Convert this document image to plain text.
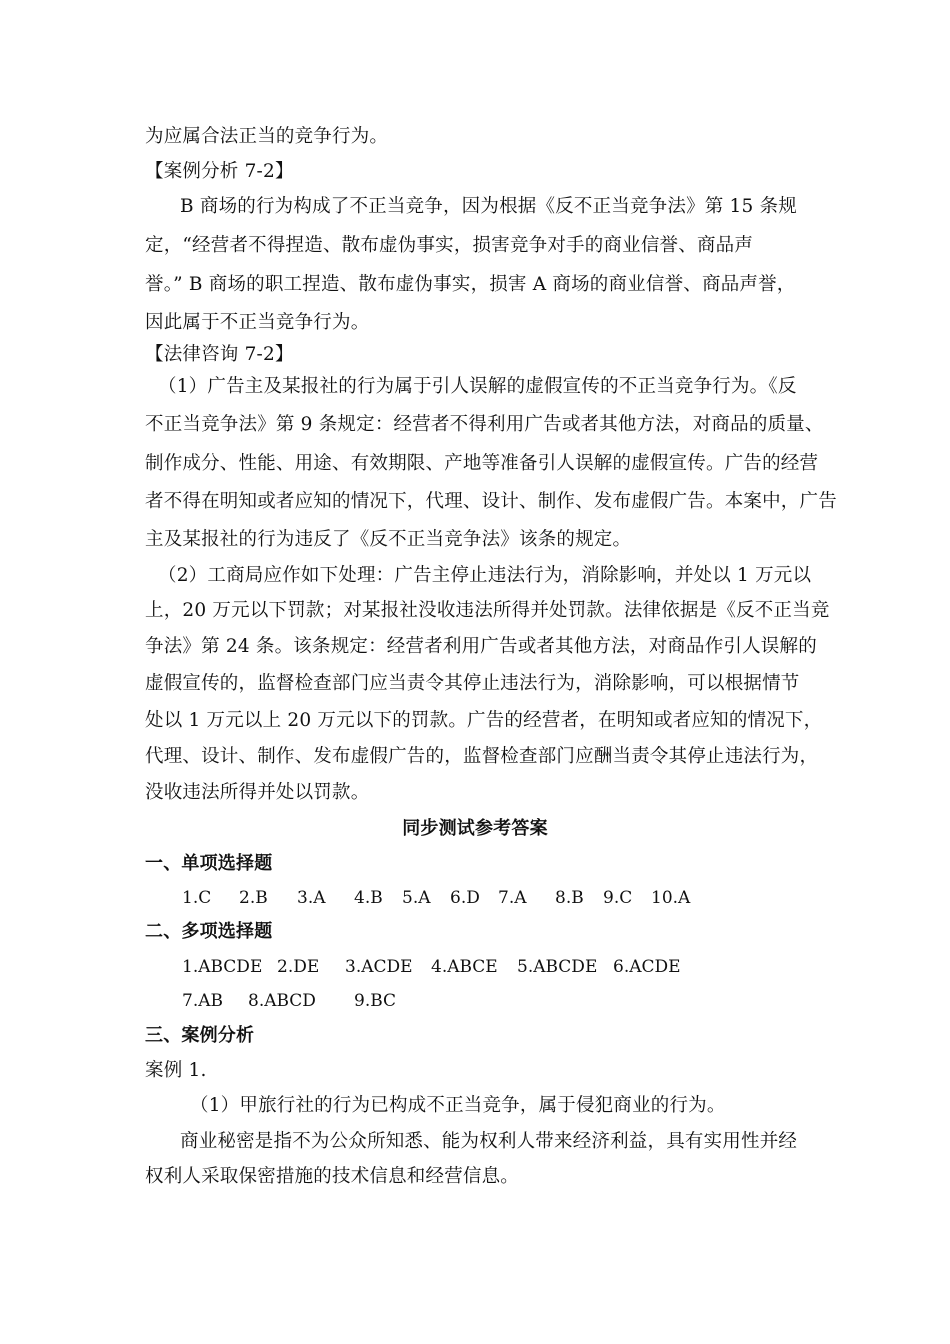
为应属合法正当的竞争行为。
【案例分析 7-2】
B 商场的行为构成了不正当竞争，因为根据《反不正当竞争法》第 15 条规
定，“经营者不得捏造、散布虚伪事实，损害竞争对手的商业信誉、商品声
誉。” B 商场的职工捏造、散布虚伪事实，损害 A 商场的商业信誉、商品声誉，
因此属于不正当竞争行为。
【法律咨询 7-2】
（1）广告主及某报社的行为属于引人误解的虚假宣传的不正当竞争行为。《反
不正当竞争法》第 9 条规定：经营者不得利用广告或者其他方法，对商品的质量、
制作成分、性能、用途、有效期限、产地等准备引人误解的虚假宣传。广告的经营
者不得在明知或者应知的情况下，代理、设计、制作、发布虚假广告。本案中，广告
主及某报社的行为违反了《反不正当竞争法》该条的规定。
（2）工商局应作如下处理：广告主停止违法行为，消除影响，并处以 1 万元以
上，20 万元以下罚款；对某报社没收违法所得并处罚款。法律依据是《反不正当竞
争法》第 24 条。该条规定：经营者利用广告或者其他方法，对商品作引人误解的
虚假宣传的，监督检查部门应当责令其停止违法行为，消除影响，可以根据情节
处以 1 万元以上 20 万元以下的罚款。广告的经营者，在明知或者应知的情况下，
代理、设计、制作、发布虚假广告的，监督检查部门应酬当责令其停止违法行为，
没收违法所得并处以罚款。
同步测试参考答案
一、单项选择题
1.C 2.B 3.A 4.B 5.A 6.D 7.A 8.B 9.C 10.A
二、多项选择题
1.ABCDE 2.DE 3.ACDE 4.ABCE 5.ABCDE 6.ACDE
7.AB 8.ABCD 9.BC
三、案例分析
案例 1.
（1）甲旅行社的行为已构成不正当竞争，属于侵犯商业的行为。
商业秘密是指不为公众所知悉、能为权利人带来经济利益，具有实用性并经
权利人采取保密措施的技术信息和经营信息。
